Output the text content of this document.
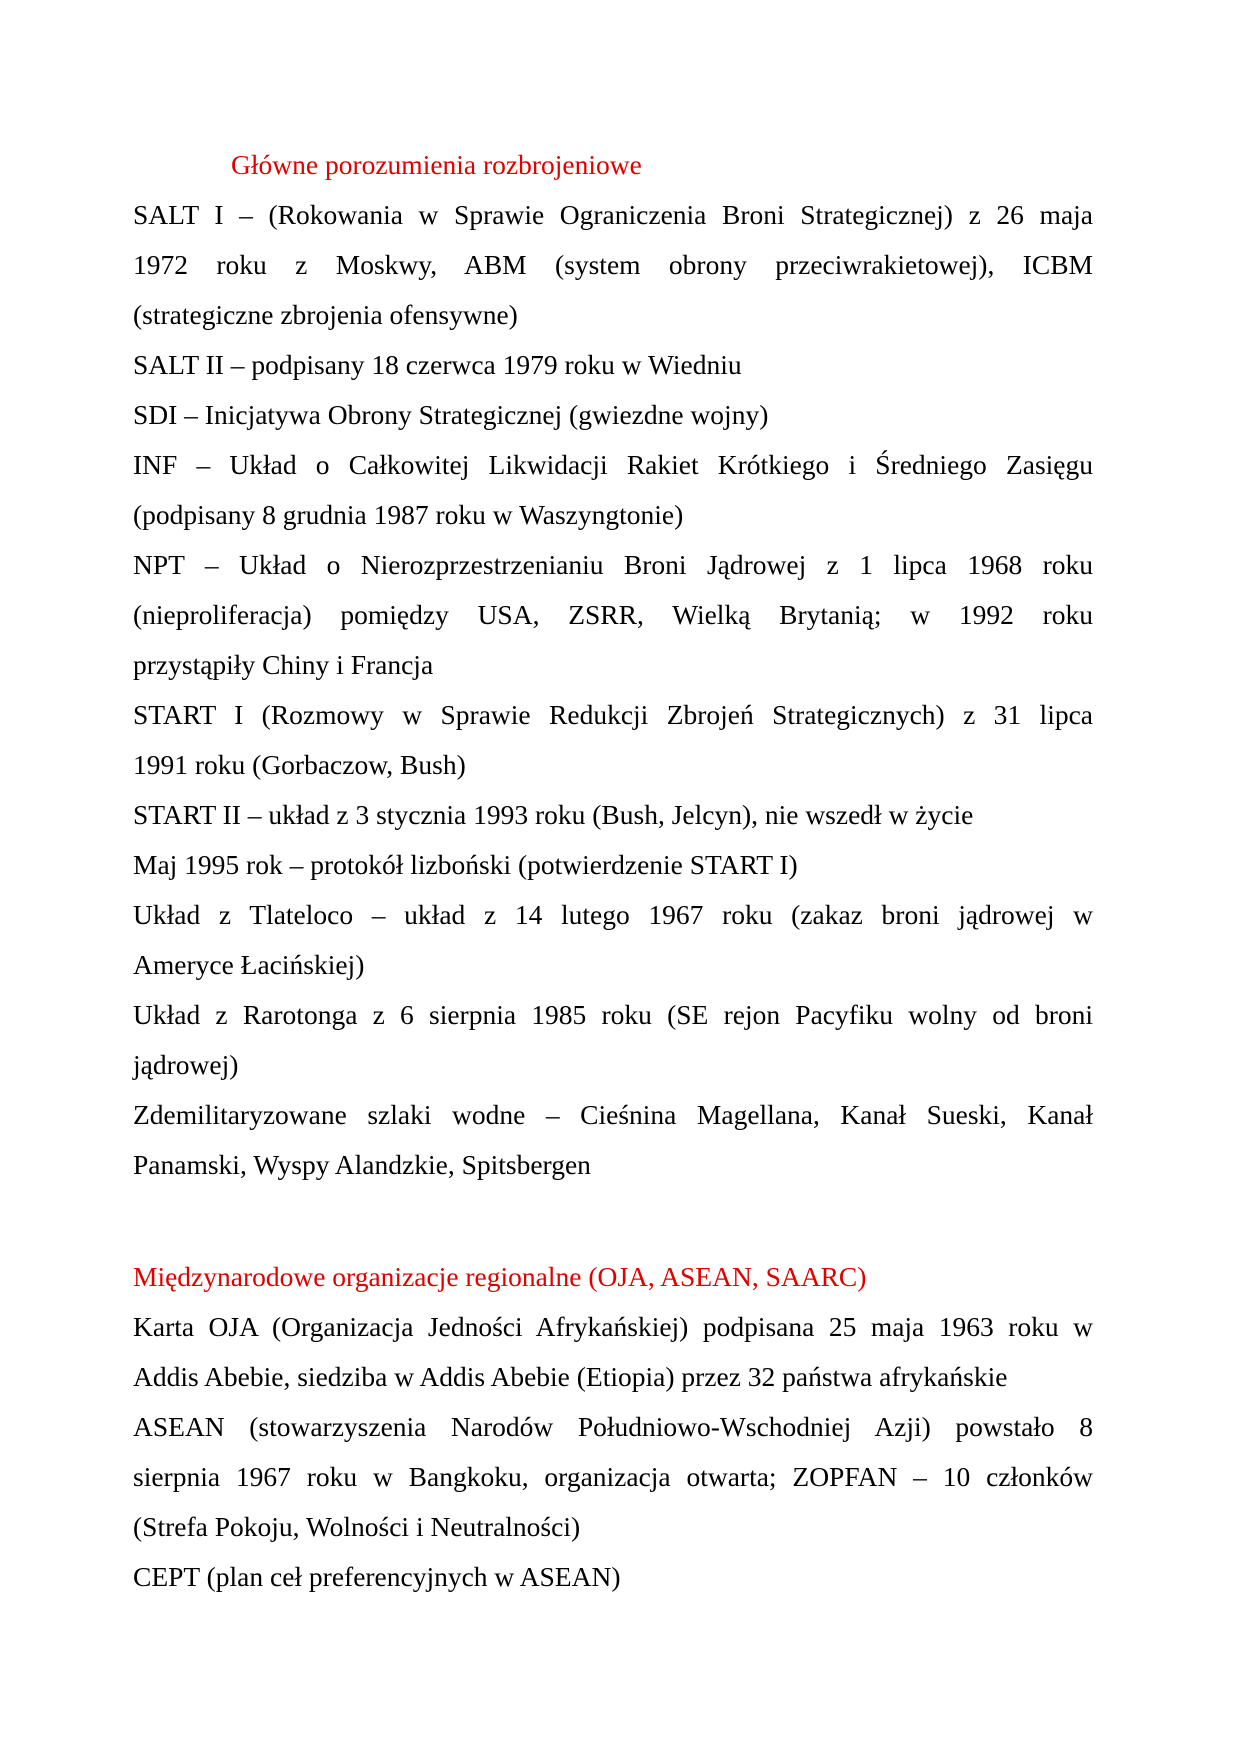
Główne porozumienia rozbrojeniowe

SALT I – (Rokowania w Sprawie Ograniczenia Broni Strategicznej) z 26 maja
1972 roku z Moskwy, ABM (system obrony przeciwrakietowej), ICBM
(strategiczne zbrojenia ofensywne)

SALT II – podpisany 18 czerwca 1979 roku w Wiedniu

SDI – Inicjatywa Obrony Strategicznej (gwiezdne wojny)

INF – Układ o Całkowitej Likwidacji Rakiet Krótkiego i Średniego Zasięgu
(podpisany 8 grudnia 1987 roku w Waszyngtonie)

NPT – Układ o Nierozprzestrzenianiu Broni Jądrowej z 1 lipca 1968 roku
(nieproliferacja) pomiędzy USA, ZSRR, Wielką Brytanią; w 1992 roku
przystąpiły Chiny i Francja

START I (Rozmowy w Sprawie Redukcji Zbrojeń Strategicznych) z 31 lipca
1991 roku (Gorbaczow, Bush)

START II – układ z 3 stycznia 1993 roku (Bush, Jelcyn), nie wszedł w życie

Maj 1995 rok – protokół lizboński (potwierdzenie START I)

Układ z Tlateloco – układ z 14 lutego 1967 roku (zakaz broni jądrowej w
Ameryce Łacińskiej)

Układ z Rarotonga z 6 sierpnia 1985 roku (SE rejon Pacyfiku wolny od broni
jądrowej)

Zdemilitaryzowane szlaki wodne – Cieśnina Magellana, Kanał Sueski, Kanał
Panamski, Wyspy Alandzkie, Spitsbergen

Międzynarodowe organizacje regionalne (OJA, ASEAN, SAARC)

Karta OJA (Organizacja Jedności Afrykańskiej) podpisana 25 maja 1963 roku w
Addis Abebie, siedziba w Addis Abebie (Etiopia) przez 32 państwa afrykańskie

ASEAN (stowarzyszenia Narodów Południowo-Wschodniej Azji) powstało 8
sierpnia 1967 roku w Bangkoku, organizacja otwarta; ZOPFAN – 10 członków
(Strefa Pokoju, Wolności i Neutralności)

CEPT (plan ceł preferencyjnych w ASEAN)
